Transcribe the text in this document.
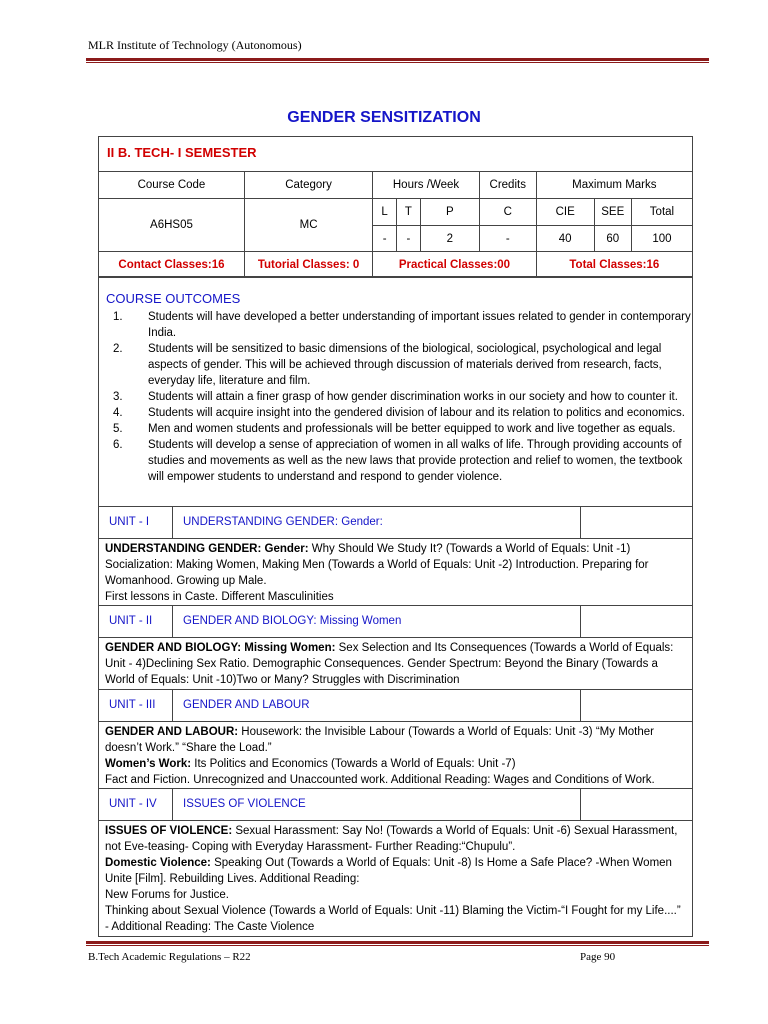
MLR Institute of Technology (Autonomous)
GENDER SENSITIZATION
II B. TECH- I SEMESTER
Course Code	Category	Hours /Week			Credits	Maximum Marks		
A6HS05	MC	L	T	P	C	CIE	SEE	Total
		-	-	2	-	40	60	100
Contact Classes:16	Tutorial Classes: 0	Practical Classes:00				Total Classes:16		
COURSE OUTCOMES
1. Students will have developed a better understanding of important issues related to gender in contemporary India.
2. Students will be sensitized to basic dimensions of the biological, sociological, psychological and legal aspects of gender. This will be achieved through discussion of materials derived from research, facts, everyday life, literature and film.
3. Students will attain a finer grasp of how gender discrimination works in our society and how to counter it.
4. Students will acquire insight into the gendered division of labour and its relation to politics and economics.
5. Men and women students and professionals will be better equipped to work and live together as equals.
6. Students will develop a sense of appreciation of women in all walks of life. Through providing accounts of studies and movements as well as the new laws that provide protection and relief to women, the textbook will empower students to understand and respond to gender violence.
UNIT - I	UNDERSTANDING GENDER: Gender:
UNDERSTANDING GENDER: Gender: Why Should We Study It? (Towards a World of Equals: Unit -1) Socialization: Making Women, Making Men (Towards a World of Equals: Unit -2) Introduction. Preparing for Womanhood. Growing up Male.
First lessons in Caste. Different Masculinities
UNIT - II	GENDER AND BIOLOGY: Missing Women
GENDER AND BIOLOGY: Missing Women: Sex Selection and Its Consequences (Towards a World of Equals: Unit - 4)Declining Sex Ratio. Demographic Consequences. Gender Spectrum: Beyond the Binary (Towards a World of Equals: Unit -10)Two or Many? Struggles with Discrimination
UNIT - III GENDER AND LABOUR
GENDER AND LABOUR: Housework: the Invisible Labour (Towards a World of Equals: Unit -3) “My Mother doesn’t Work.” “Share the Load.”
Women’s Work: Its Politics and Economics (Towards a World of Equals: Unit -7)
Fact and Fiction. Unrecognized and Unaccounted work. Additional Reading: Wages and Conditions of Work.
UNIT - IV ISSUES OF VIOLENCE
ISSUES OF VIOLENCE: Sexual Harassment: Say No! (Towards a World of Equals: Unit -6) Sexual Harassment, not Eve-teasing- Coping with Everyday Harassment- Further Reading:“Chupulu”.
Domestic Violence: Speaking Out (Towards a World of Equals: Unit -8) Is Home a Safe Place? -When Women Unite [Film]. Rebuilding Lives. Additional Reading:
New Forums for Justice.
Thinking about Sexual Violence (Towards a World of Equals: Unit -11) Blaming the Victim-“I Fought for my Life....” - Additional Reading: The Caste Violence
B.Tech Academic Regulations – R22	Page 90
